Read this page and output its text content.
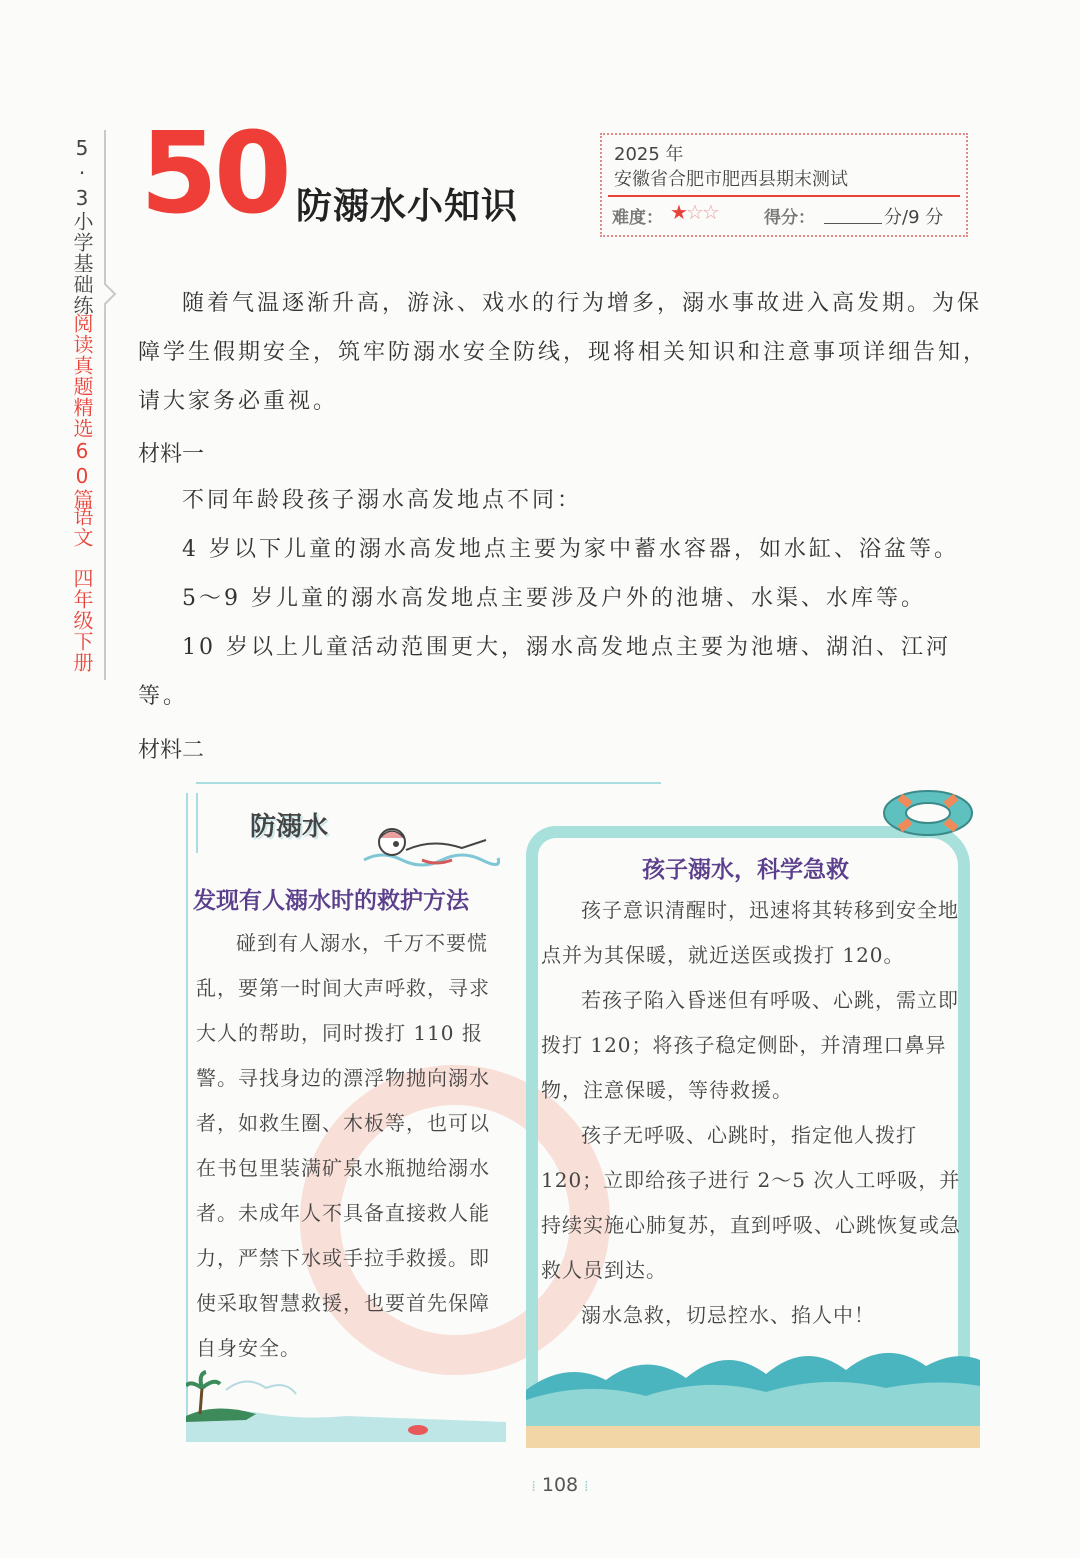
5·3小学基础练
阅读真题精选60篇
语文
四年级下册
50 防溺水小知识
2025 年
安徽省合肥市肥西县期末测试
难度： ★☆☆	得分：	分/9 分
随着气温逐渐升高，游泳、戏水的行为增多，溺水事故进入高发期。为保障学生假期安全，筑牢防溺水安全防线，现将相关知识和注意事项详细告知，请大家务必重视。
材料一

不同年龄段孩子溺水高发地点不同：

4 岁以下儿童的溺水高发地点主要为家中蓄水容器，如水缸、浴盆等。

5～9 岁儿童的溺水高发地点主要涉及户外的池塘、水渠、水库等。

10 岁以上儿童活动范围更大，溺水高发地点主要为池塘、湖泊、江河等。

材料二
防溺水
发现有人溺水时的救护方法
碰到有人溺水，千万不要慌乱，要第一时间大声呼救，寻求大人的帮助，同时拨打 110 报警。寻找身边的漂浮物抛向溺水者，如救生圈、木板等，也可以在书包里装满矿泉水瓶抛给溺水者。未成年人不具备直接救人能力，严禁下水或手拉手救援。即使采取智慧救援，也要首先保障自身安全。
孩子溺水，科学急救

孩子意识清醒时，迅速将其转移到安全地点并为其保暖，就近送医或拨打 120。

若孩子陷入昏迷但有呼吸、心跳，需立即拨打 120；将孩子稳定侧卧，并清理口鼻异物，注意保暖，等待救援。

孩子无呼吸、心跳时，指定他人拨打 120；立即给孩子进行 2～5 次人工呼吸，并持续实施心肺复苏，直到呼吸、心跳恢复或急救人员到达。

溺水急救，切忌控水、掐人中！

⁞ 108 ⁞
